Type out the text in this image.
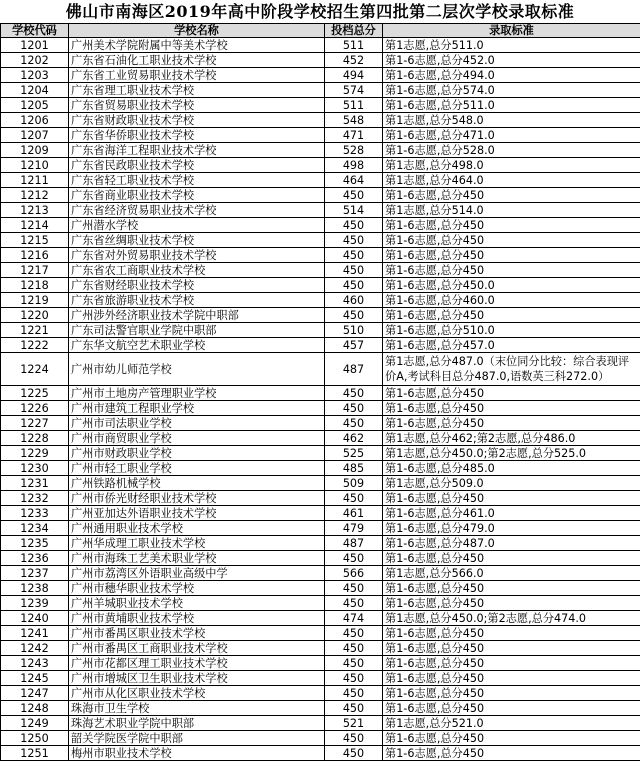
佛山市南海区2019年高中阶段学校招生第四批第二层次学校录取标准
学校代码	学校名称	投档总分	录取标准
1201	广州美术学院附属中等美术学校	511	第1志愿,总分511.0
1202	广东省石油化工职业技术学校	452	第1-6志愿,总分452.0
1203	广东省工业贸易职业技术学校	494	第1-6志愿,总分494.0
1204	广东省理工职业技术学校	574	第1-6志愿,总分574.0
1205	广东省贸易职业技术学校	511	第1-6志愿,总分511.0
1206	广东省财政职业技术学校	548	第1志愿,总分548.0
1207	广东省华侨职业技术学校	471	第1-6志愿,总分471.0
1209	广东省海洋工程职业技术学校	528	第1-6志愿,总分528.0
1210	广东省民政职业技术学校	498	第1志愿,总分498.0
1211	广东省轻工职业技术学校	464	第1志愿,总分464.0
1212	广东省商业职业技术学校	450	第1-6志愿,总分450
1213	广东省经济贸易职业技术学校	514	第1志愿,总分514.0
1214	广州潜水学校	450	第1-6志愿,总分450
1215	广东省丝绸职业技术学校	450	第1-6志愿,总分450
1216	广东省对外贸易职业技术学校	450	第1-6志愿,总分450
1217	广东省农工商职业技术学校	450	第1-6志愿,总分450
1218	广东省财经职业技术学校	450	第1-6志愿,总分450.0
1219	广东省旅游职业技术学校	460	第1-6志愿,总分460.0
1220	广州涉外经济职业技术学院中职部	450	第1-6志愿,总分450
1221	广东司法警官职业学院中职部	510	第1-6志愿,总分510.0
1222	广东华文航空艺术职业学校	457	第1-6志愿,总分457.0
1224	广州市幼儿师范学校	487	第1志愿,总分487.0（末位同分比较：综合表现评价A,考试科目总分487.0,语数英三科272.0）
1225	广州市土地房产管理职业学校	450	第1-6志愿,总分450
1226	广州市建筑工程职业学校	450	第1-6志愿,总分450
1227	广州市司法职业学校	450	第1-6志愿,总分450
1228	广州市商贸职业学校	462	第1志愿,总分462;第2志愿,总分486.0
1229	广州市财政职业学校	525	第1志愿,总分450.0;第2志愿,总分525.0
1230	广州市轻工职业学校	485	第1-6志愿,总分485.0
1231	广州铁路机械学校	509	第1志愿,总分509.0
1232	广州市侨光财经职业技术学校	450	第1-6志愿,总分450
1233	广州亚加达外语职业技术学校	461	第1-6志愿,总分461.0
1234	广州通用职业技术学校	479	第1-6志愿,总分479.0
1235	广州华成理工职业技术学校	487	第1-6志愿,总分487.0
1236	广州市海珠工艺美术职业学校	450	第1-6志愿,总分450
1237	广州市荔湾区外语职业高级中学	566	第1志愿,总分566.0
1238	广州市穗华职业技术学校	450	第1-6志愿,总分450
1239	广州羊城职业技术学校	450	第1-6志愿,总分450
1240	广州市黄埔职业技术学校	474	第1志愿,总分450.0;第2志愿,总分474.0
1241	广州市番禺区职业技术学校	450	第1-6志愿,总分450
1242	广州市番禺区工商职业技术学校	450	第1-6志愿,总分450
1243	广州市花都区理工职业技术学校	450	第1-6志愿,总分450
1245	广州市增城区卫生职业技术学校	450	第1-6志愿,总分450
1247	广州市从化区职业技术学校	450	第1-6志愿,总分450
1248	珠海市卫生学校	450	第1-6志愿,总分450
1249	珠海艺术职业学院中职部	521	第1志愿,总分521.0
1250	韶关学院医学院中职部	450	第1-6志愿,总分450
1251	梅州市职业技术学校	450	第1-6志愿,总分450
